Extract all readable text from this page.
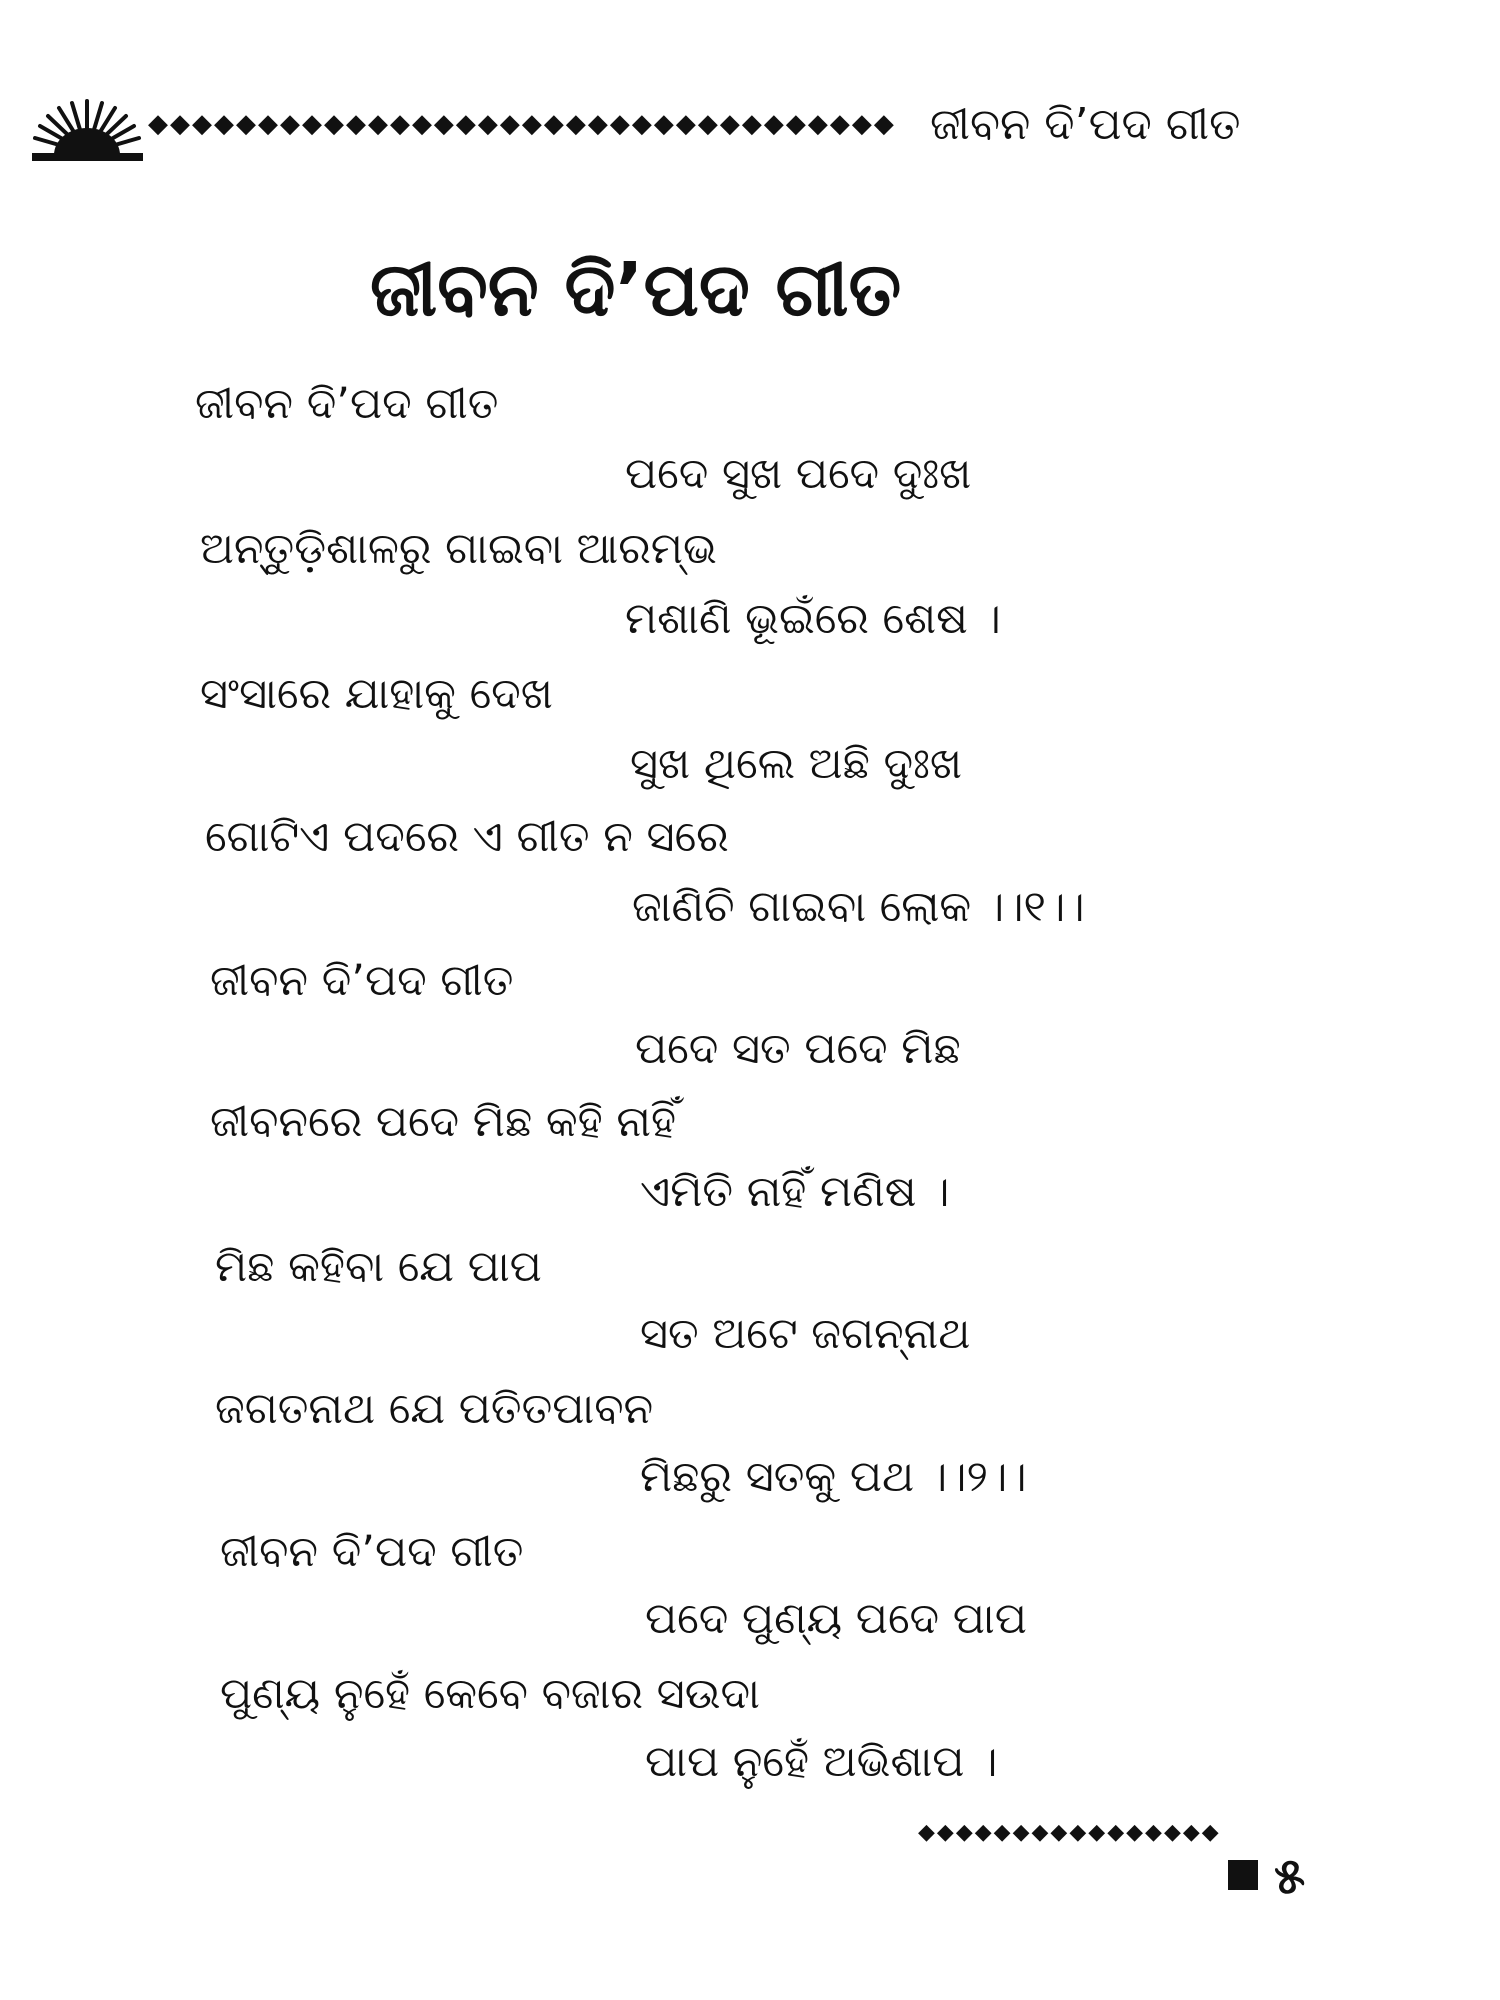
◆◆◆◆◆◆◆◆◆◆◆◆◆◆◆◆◆◆◆◆◆◆◆◆◆◆◆◆◆◆◆◆◆◆ ଜୀବନ ଦି’ପଦ ଗୀତ
ଜୀବନ ଦି’ପଦ ଗୀତ
ଜୀବନ ଦି’ପଦ ଗୀତ
ପଦେ ସୁଖ ପଦେ ଦୁଃଖ
ଅନ୍ତୁଡ଼ିଶାଳରୁ ଗାଇବା ଆରମ୍ଭ
ମଶାଣି ଭୂଇଁରେ ଶେଷ ।
ସଂସାରେ ଯାହାକୁ ଦେଖ
ସୁଖ ଥିଲେ ଅଛି ଦୁଃଖ
ଗୋଟିଏ ପଦରେ ଏ ଗୀତ ନ ସରେ
ଜାଣିଚି ଗାଇବା ଲୋକ ।।୧।।
ଜୀବନ ଦି’ପଦ ଗୀତ
ପଦେ ସତ ପଦେ ମିଛ
ଜୀବନରେ ପଦେ ମିଛ କହି ନାହିଁ
ଏମିତି ନାହିଁ ମଣିଷ ।
ମିଛ କହିବା ଯେ ପାପ
ସତ ଅଟେ ଜଗନ୍ନାଥ
ଜଗତନାଥ ଯେ ପତିତପାବନ
ମିଛରୁ ସତକୁ ପଥ ।।୨।।
ଜୀବନ ଦି’ପଦ ଗୀତ
ପଦେ ପୁଣ୍ୟ ପଦେ ପାପ
ପୁଣ୍ୟ ନୁହେଁ କେବେ ବଜାର ସଉଦା
ପାପ ନୁହେଁ ଅଭିଶାପ ।
◆◆◆◆◆◆◆◆◆◆◆◆◆◆◆◆
୫
